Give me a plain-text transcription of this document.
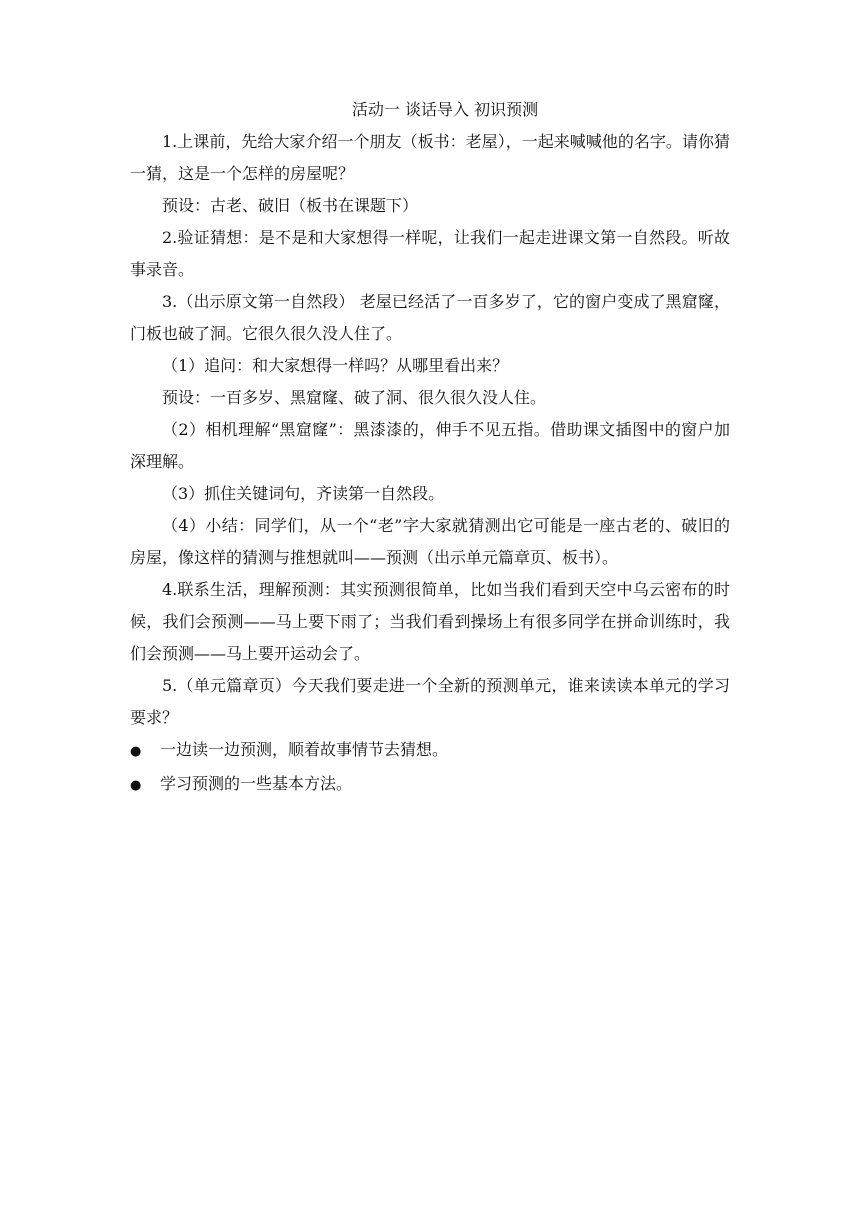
活动一 谈话导入 初识预测

1.上课前，先给大家介绍一个朋友（板书：老屋），一起来喊喊他的名字。请你猜一猜，这是一个怎样的房屋呢？

预设：古老、破旧（板书在课题下）

2.验证猜想：是不是和大家想得一样呢，让我们一起走进课文第一自然段。听故事录音。

3.（出示原文第一自然段） 老屋已经活了一百多岁了，它的窗户变成了黑窟窿，门板也破了洞。它很久很久没人住了。

（1）追问：和大家想得一样吗？从哪里看出来？

预设：一百多岁、黑窟窿、破了洞、很久很久没人住。

（2）相机理解“黑窟窿”：黑漆漆的，伸手不见五指。借助课文插图中的窗户加深理解。

（3）抓住关键词句，齐读第一自然段。

（4）小结：同学们，从一个“老”字大家就猜测出它可能是一座古老的、破旧的房屋，像这样的猜测与推想就叫——预测（出示单元篇章页、板书）。

4.联系生活，理解预测：其实预测很简单，比如当我们看到天空中乌云密布的时候，我们会预测——马上要下雨了；当我们看到操场上有很多同学在拼命训练时，我们会预测——马上要开运动会了。

5.（单元篇章页）今天我们要走进一个全新的预测单元，谁来读读本单元的学习要求？

●	一边读一边预测，顺着故事情节去猜想。
●	学习预测的一些基本方法。
